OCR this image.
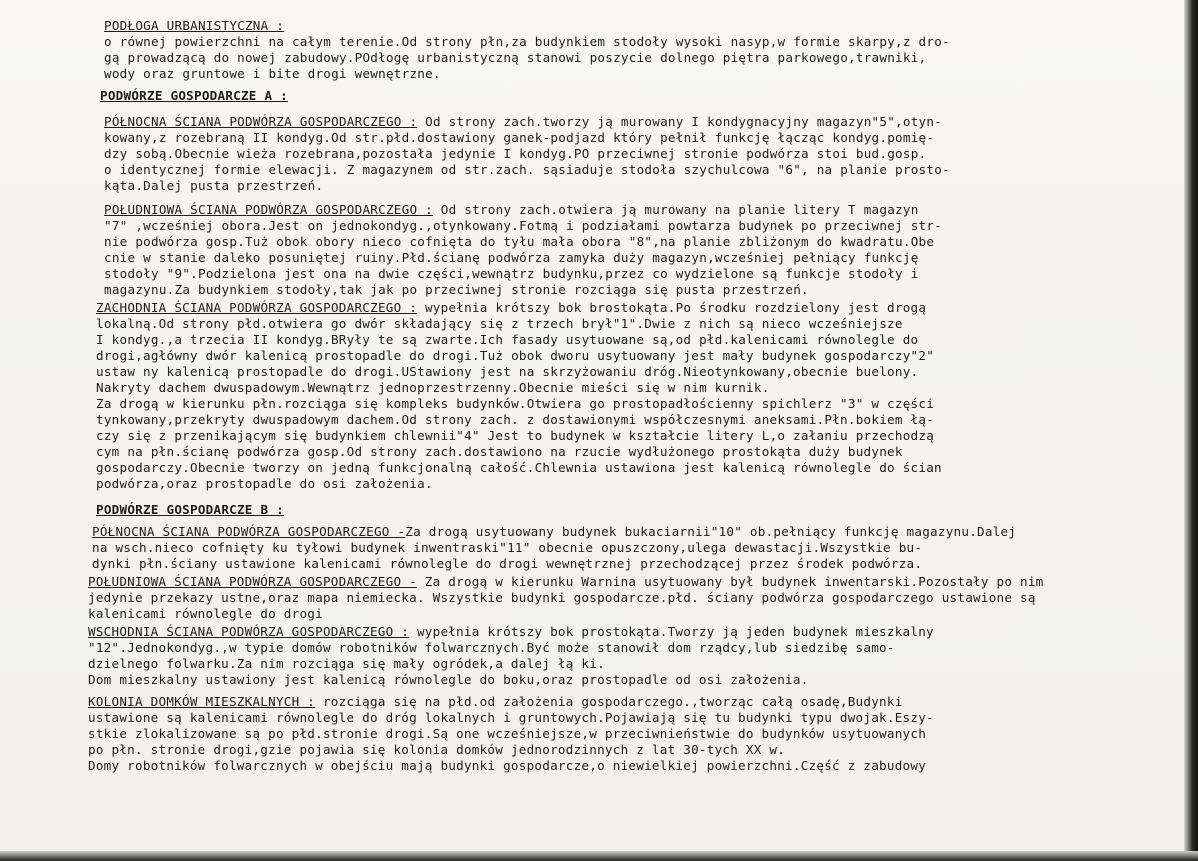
PODŁOGA URBANISTYCZNA :
o równej powierzchni na całym terenie.Od strony płn,za budynkiem stodoły wysoki nasyp,w formie skarpy,z dro-
gą prowadzącą do nowej zabudowy.POdłogę urbanistyczną stanowi poszycie dolnego piętra parkowego,trawniki,
wody oraz gruntowe i bite drogi wewnętrzne.
PODWÓRZE GOSPODARCZE A :
PÓŁNOCNA ŚCIANA PODWÓRZA GOSPODARCZEGO : Od strony zach.tworzy ją murowany I kondygnacyjny magazyn"5",otyn-
kowany,z rozebraną II kondyg.Od str.płd.dostawiony ganek-podjazd który pełnił funkcję łącząc kondyg.pomię-
dzy sobą.Obecnie wieża rozebrana,pozostała jedynie I kondyg.PO przeciwnej stronie podwórza stoi bud.gosp.
o identycznej formie elewacji. Z magazynem od str.zach. sąsiaduje stodoła szychulcowa "6", na planie prosto-
kąta.Dalej pusta przestrzeń.
POŁUDNIOWA ŚCIANA PODWÓRZA GOSPODARCZEGO : Od strony zach.otwiera ją murowany na planie litery T magazyn
"7" ,wcześniej obora.Jest on jednokondyg.,otynkowany.Fotmą i podziałami powtarza budynek po przeciwnej str-
nie podwórza gosp.Tuż obok obory nieco cofnięta do tyłu mała obora "8",na planie zbliżonym do kwadratu.Obe
cnie w stanie daleko posuniętej ruiny.Płd.ścianę podwórza zamyka duży magazyn,wcześniej pełniący funkcję
stodoły "9".Podzielona jest ona na dwie części,wewnątrz budynku,przez co wydzielone są funkcje stodoły i
magazynu.Za budynkiem stodoły,tak jak po przeciwnej stronie rozciąga się pusta przestrzeń.
ZACHODNIA ŚCIANA PODWÓRZA GOSPODARCZEGO : wypełnia krótszy bok brostokąta.Po środku rozdzielony jest drogą
lokalną.Od strony płd.otwiera go dwór składający się z trzech brył"1".Dwie z nich są nieco wcześniejsze
I kondyg.,a trzecia II kondyg.BRyły te są zwarte.Ich fasady usytuowane są,od płd.kalenicami równolegle do
drogi,agłówny dwór kalenicą prostopadle do drogi.Tuż obok dworu usytuowany jest mały budynek gospodarczy"2"
ustaw ny kalenicą prostopadle do drogi.UStawiony jest na skrzyżowaniu dróg.Nieotynkowany,obecnie buelony.
Nakryty dachem dwuspadowym.Wewnątrz jednoprzestrzenny.Obecnie mieści się w nim kurnik.
Za drogą w kierunku płn.rozciąga się kompleks budynków.Otwiera go prostopadłościenny spichlerz "3" w części
tynkowany,przekryty dwuspadowym dachem.Od strony zach. z dostawionymi współczesnymi aneksami.Płn.bokiem łą-
czy się z przenikającym się budynkiem chlewnii"4" Jest to budynek w kształcie litery L,o załaniu przechodzą
cym na płn.ścianę podwórza gosp.Od strony zach.dostawiono na rzucie wydłużonego prostokąta duży budynek
gospodarczy.Obecnie tworzy on jedną funkcjonalną całość.Chlewnia ustawiona jest kalenicą równolegle do ścian
podwórza,oraz prostopadle do osi założenia.
PODWÓRZE GOSPODARCZE B :
PÓŁNOCNA ŚCIANA PODWÓRZA GOSPODARCZEGO -Za drogą usytuowany budynek bukaciarnii"10" ob.pełniący funkcję magazynu.Dalej
na wsch.nieco cofnięty ku tyłowi budynek inwentraski"11" obecnie opuszczony,ulega dewastacji.Wszystkie bu-
dynki płn.ściany ustawione kalenicami równolegle do drogi wewnętrznej przechodzącej przez środek podwórza.
POŁUDNIOWA ŚCIANA PODWÓRZA GOSPODARCZEGO - Za drogą w kierunku Warnina usytuowany był budynek inwentarski.Pozostały po nim
jedynie przekazy ustne,oraz mapa niemiecka. Wszystkie budynki gospodarcze.płd. ściany podwórza gospodarczego ustawione są
kalenicami równolegle do drogi
WSCHODNIA ŚCIANA PODWÓRZA GOSPODARCZEGO : wypełnia krótszy bok prostokąta.Tworzy ją jeden budynek mieszkalny
"12".Jednokondyg.,w typie domów robotników folwarcznych.Być może stanowił dom rządcy,lub siedzibę samo-
dzielnego folwarku.Za nim rozciąga się mały ogródek,a dalej łą ki.
Dom mieszkalny ustawiony jest kalenicą równolegle do boku,oraz prostopadle od osi założenia.
KOLONIA DOMKÓW MIESZKALNYCH : rozciąga się na płd.od założenia gospodarczego.,tworząc całą osadę,Budynki
ustawione są kalenicami równolegle do dróg lokalnych i gruntowych.Pojawiają się tu budynki typu dwojak.Eszy-
stkie zlokalizowane są po płd.stronie drogi.Są one wcześniejsze,w przeciwnieństwie do budynków usytuowanych
po płn. stronie drogi,gzie pojawia się kolonia domków jednorodzinnych z lat 30-tych XX w.
Domy robotników folwarcznych w obejściu mają budynki gospodarcze,o niewielkiej powierzchni.Część z zabudowy
